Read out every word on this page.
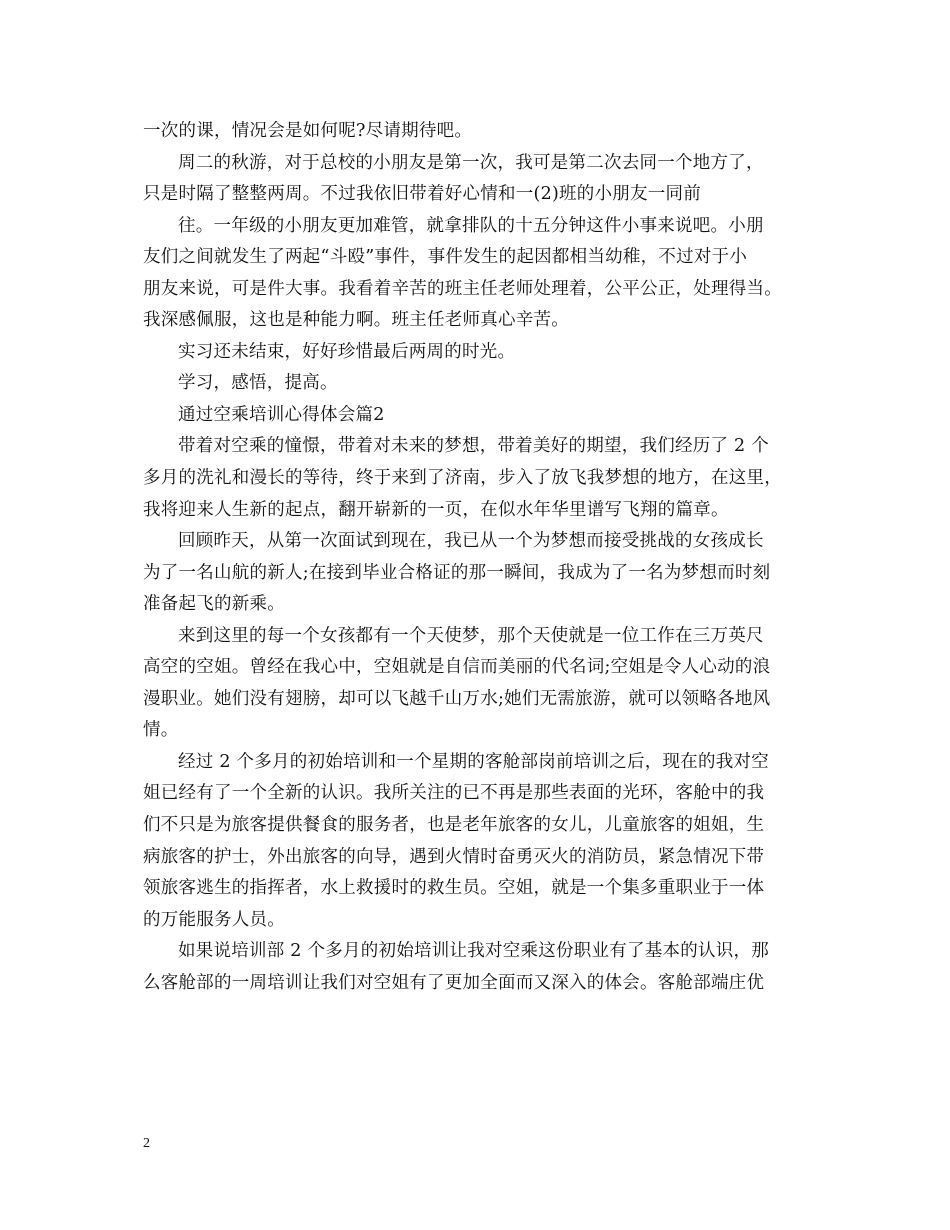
一次的课，情况会是如何呢?尽请期待吧。
周二的秋游，对于总校的小朋友是第一次，我可是第二次去同一个地方了，
只是时隔了整整两周。不过我依旧带着好心情和一(2)班的小朋友一同前
往。一年级的小朋友更加难管，就拿排队的十五分钟这件小事来说吧。小朋
友们之间就发生了两起“斗殴”事件，事件发生的起因都相当幼稚，不过对于小
朋友来说，可是件大事。我看着辛苦的班主任老师处理着，公平公正，处理得当。
我深感佩服，这也是种能力啊。班主任老师真心辛苦。
实习还未结束，好好珍惜最后两周的时光。
学习，感悟，提高。
通过空乘培训心得体会篇2
带着对空乘的憧憬，带着对未来的梦想，带着美好的期望，我们经历了 2 个
多月的洗礼和漫长的等待，终于来到了济南，步入了放飞我梦想的地方，在这里，
我将迎来人生新的起点，翻开崭新的一页，在似水年华里谱写飞翔的篇章。
回顾昨天，从第一次面试到现在，我已从一个为梦想而接受挑战的女孩成长
为了一名山航的新人;在接到毕业合格证的那一瞬间，我成为了一名为梦想而时刻
准备起飞的新乘。
来到这里的每一个女孩都有一个天使梦，那个天使就是一位工作在三万英尺
高空的空姐。曾经在我心中，空姐就是自信而美丽的代名词;空姐是令人心动的浪
漫职业。她们没有翅膀，却可以飞越千山万水;她们无需旅游，就可以领略各地风
情。
经过 2 个多月的初始培训和一个星期的客舱部岗前培训之后，现在的我对空
姐已经有了一个全新的认识。我所关注的已不再是那些表面的光环，客舱中的我
们不只是为旅客提供餐食的服务者，也是老年旅客的女儿，儿童旅客的姐姐，生
病旅客的护士，外出旅客的向导，遇到火情时奋勇灭火的消防员，紧急情况下带
领旅客逃生的指挥者，水上救援时的救生员。空姐，就是一个集多重职业于一体
的万能服务人员。
如果说培训部 2 个多月的初始培训让我对空乘这份职业有了基本的认识，那
么客舱部的一周培训让我们对空姐有了更加全面而又深入的体会。客舱部端庄优
2
